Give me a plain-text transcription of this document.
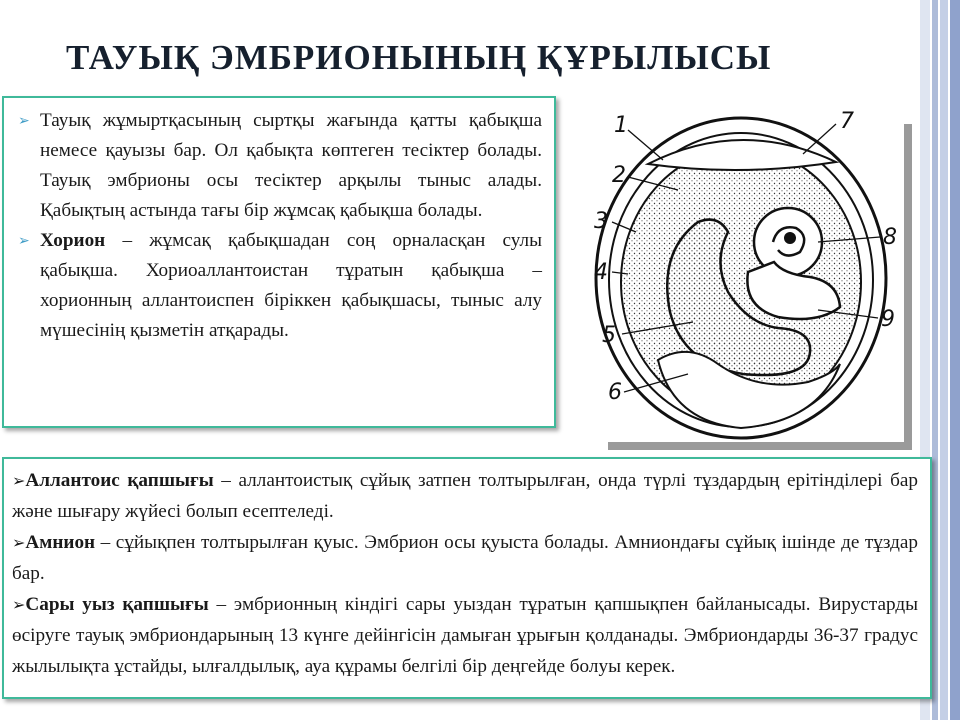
ТАУЫҚ ЭМБРИОНЫНЫҢ ҚҰРЫЛЫСЫ

➢ Тауық жұмыртқасының сыртқы жағында қатты қабықша немесе қауызы бар. Ол қабықта көптеген тесіктер болады. Тауық эмбрионы осы тесіктер арқылы тыныс алады. Қабықтың астында тағы бір жұмсақ қабықша болады.

➢ Хорион – жұмсақ қабықшадан соң орналасқан сулы қабықша. Хориоаллантоистан тұратын қабықша – хорионның аллантоиспен біріккен қабықшасы, тыныс алу мүшесінің қызметін атқарады.

1
2
3
4
5
6
7
8
9

➢Аллантоис қапшығы – аллантоистық сұйық затпен толтырылған, онда түрлі тұздардың ерітінділері бар және шығару жүйесі болып есептеледі.

➢Амнион – сұйықпен толтырылған қуыс. Эмбрион осы қуыста болады. Амниондағы сұйық ішінде де тұздар бар.

➢Сары уыз қапшығы – эмбрионның кіндігі сары уыздан тұратын қапшықпен байланысады. Вирустарды өсіруге тауық эмбриондарының 13 күнге дейінгісін дамыған ұрығын қолданады. Эмбриондарды 36-37 градус жылылықта ұстайды, ылғалдылық, ауа құрамы белгілі бір деңгейде болуы керек.
